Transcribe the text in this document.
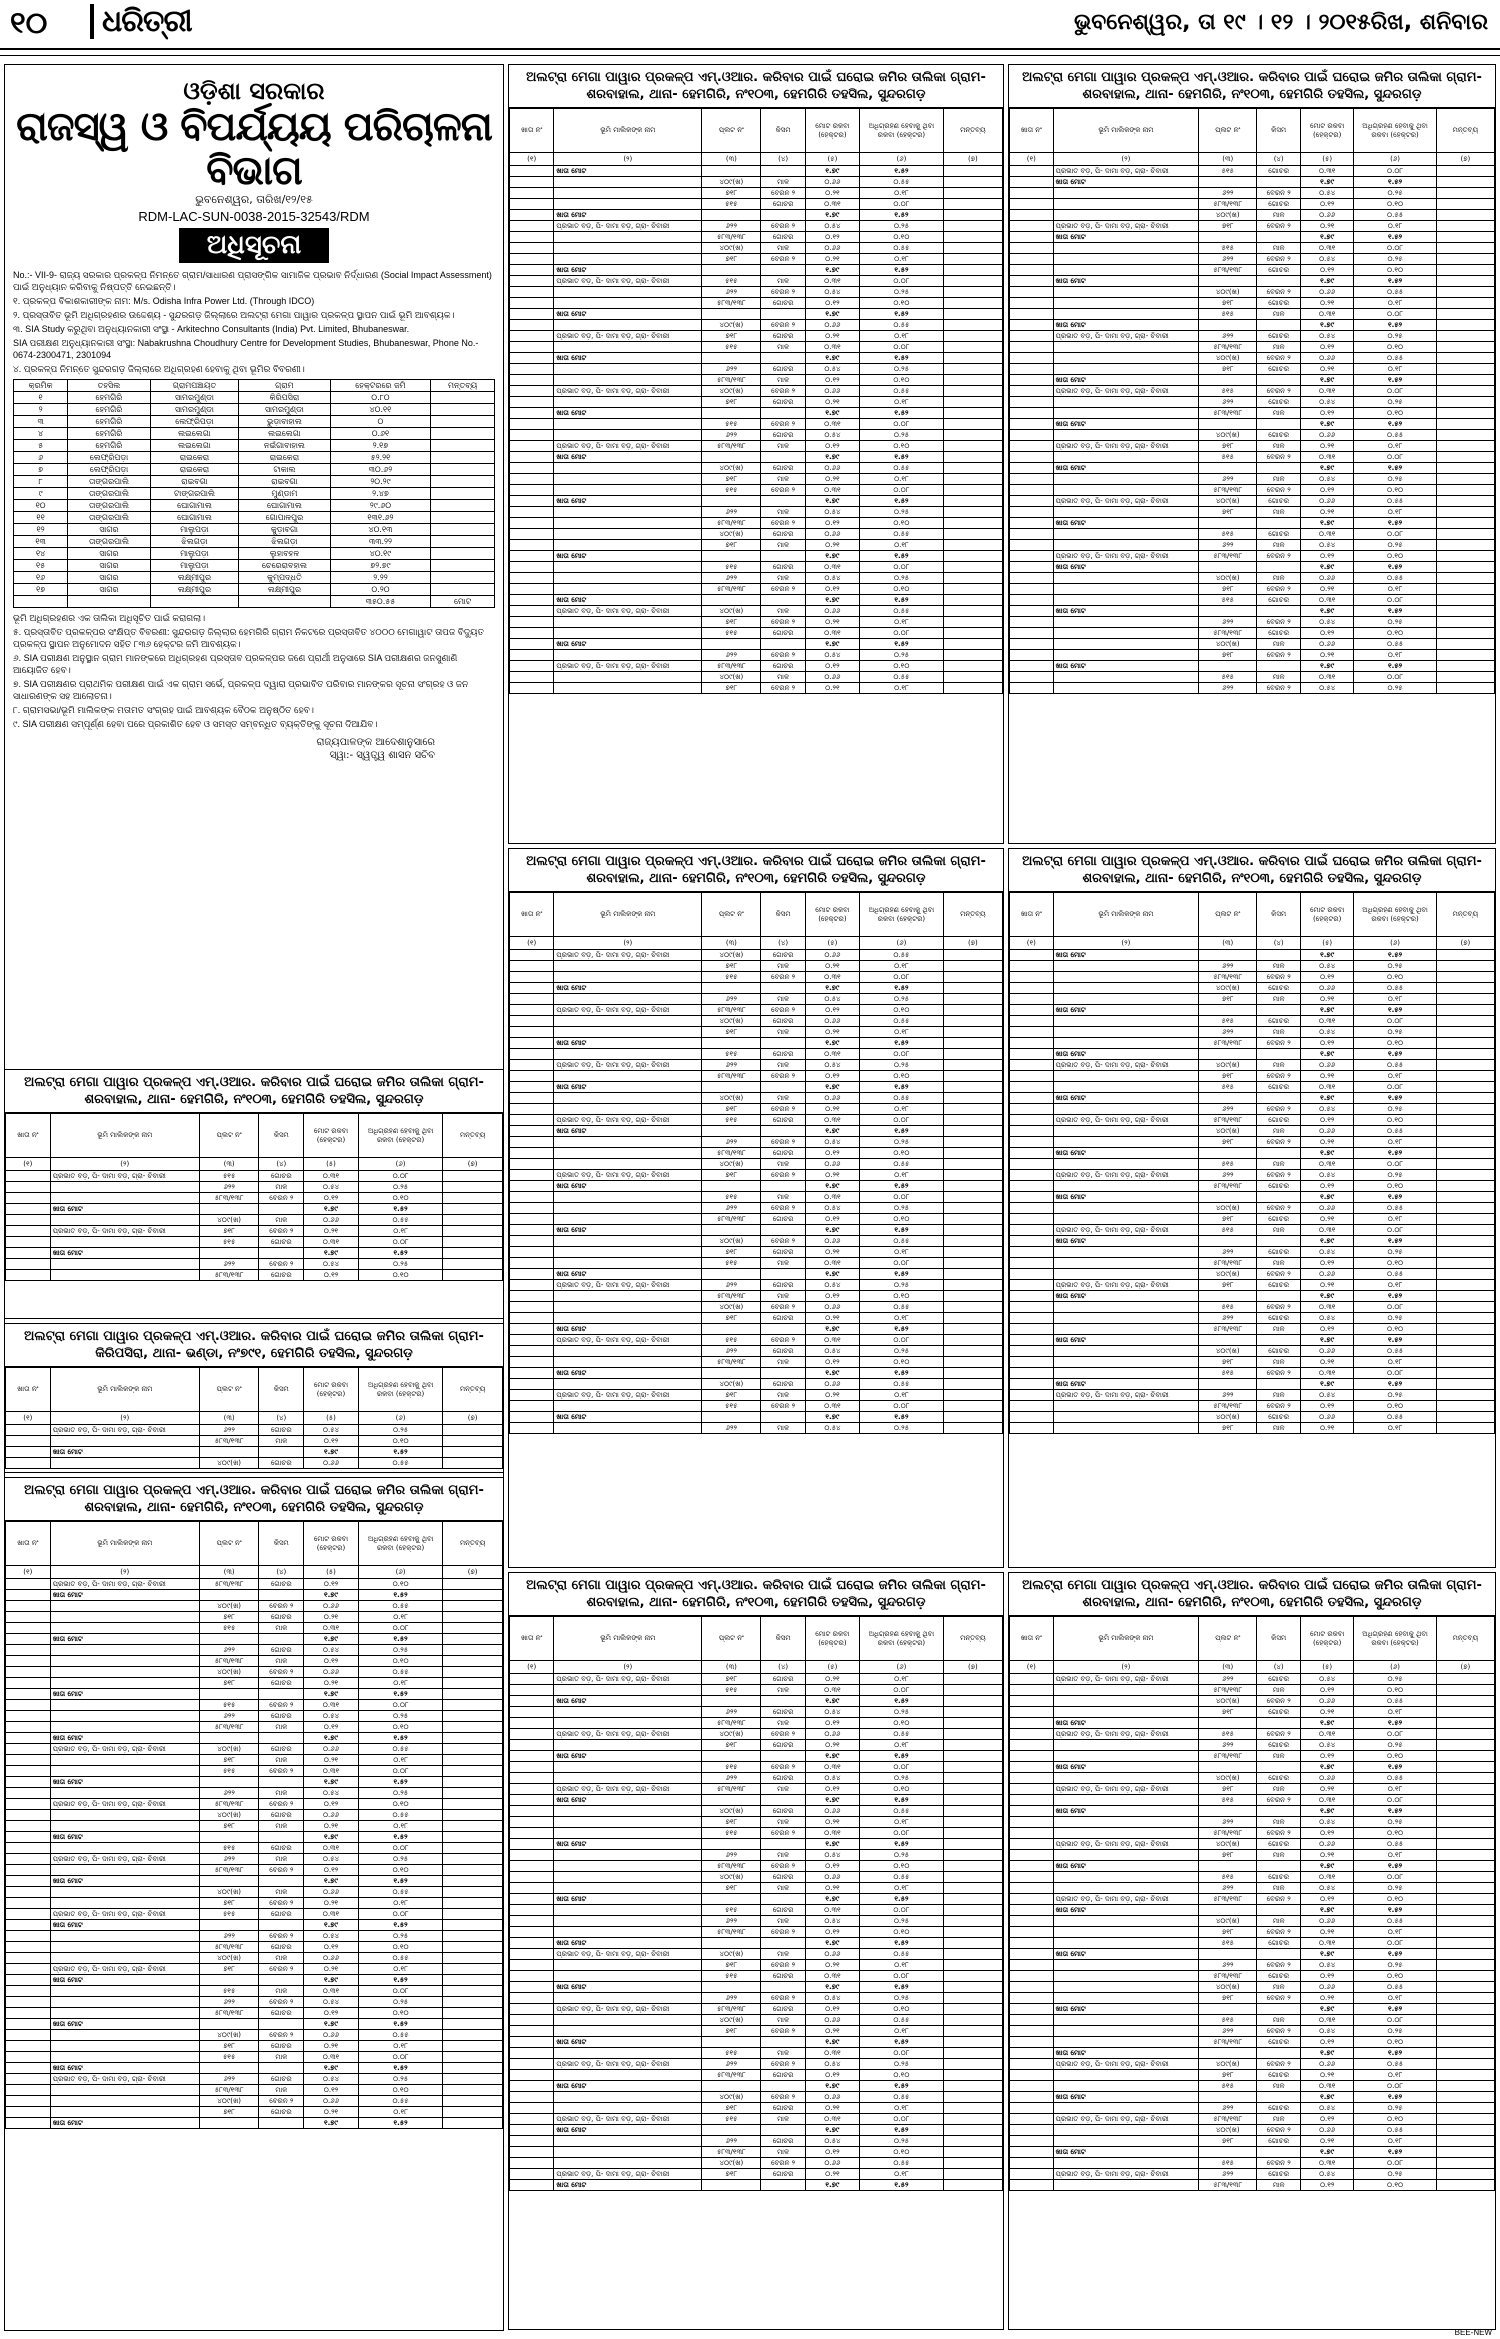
୧୦	ଧରିତ୍ରୀ	ଭୁବନେଶ୍ୱର, ତା ୧୯ । ୧୨ । ୨୦୧୫ରିଖ, ଶନିବାର
ଓଡ଼ିଶା ସରକାର
ରାଜସ୍ୱ ଓ ବିପର୍ଯ୍ୟୟ ପରିଚାଳନା ବିଭାଗ
ଭୁବନେଶ୍ୱର, ତାରିଖ/୧୨/୧୫
RDM-LAC-SUN-0038-2015-32543/RDM
ଅଧିସୂଚନା

No.:- VII-9- ରାଜ୍ୟ ସରକାର ପ୍ରକଳ୍ପ ନିମନ୍ତେ ଗ୍ରାମ/ସାଧାରଣ ପ୍ରାସଙ୍ଗିକ ସାମାଜିକ ପ୍ରଭାବ ନିର୍ଦ୍ଧାରଣ (Social Impact Assessment) ପାଇଁ ଅନୁଧ୍ୟାନ କରିବାକୁ ନିଷ୍ପତ୍ତି ନେଇଛନ୍ତି।

୧. ପ୍ରକଳ୍ପ ବିକାଶକାରୀଙ୍କ ନାମ: M/s. Odisha Infra Power Ltd. (Through IDCO)

୨. ପ୍ରସ୍ତାବିତ ଭୂମି ଅଧିଗ୍ରହଣର ଉଦ୍ଦେଶ୍ୟ - ସୁନ୍ଦରଗଡ଼ ଜିଲ୍ଲାରେ ଅଲଟ୍ରା ମେଗା ପାୱାର ପ୍ରକଳ୍ପ ସ୍ଥାପନ ପାଇଁ ଭୂମି ଆବଶ୍ୟକ।

୩. SIA Study କରୁଥିବା ଅନୁଧ୍ୟାନକାରୀ ସଂସ୍ଥା - Arkitechno Consultants (India) Pvt. Limited, Bhubaneswar.

SIA ପରୀକ୍ଷଣ ଅନୁଧ୍ୟାନକାରୀ ସଂସ୍ଥା: Nabakrushna Choudhury Centre for Development Studies, Bhubaneswar, Phone No.- 0674-2300471, 2301094

୪. ପ୍ରକଳ୍ପ ନିମନ୍ତେ ସୁନ୍ଦରଗଡ଼ ଜିଲ୍ଲାରେ ଅଧିଗ୍ରହଣ ହେବାକୁ ଥିବା ଭୂମିର ବିବରଣୀ।

କ୍ରମିକ	ତହସିଲ	ଗ୍ରାମପଞ୍ଚାୟତ	ଗ୍ରାମ	ହେକ୍ଟରରେ ଜମି	ମନ୍ତବ୍ୟ
୧	ହେମଗିରି	ସାମରମୁଣ୍ଡା	କିରିପସିରା	୦.୮୦	
୨	ହେମଗିରି	ସାମରମୁଣ୍ଡା	ସାମରମୁଣ୍ଡା	୪୦.୧୧	
୩	ହେମଗିରି	ଲେଫ୍ରିପଡ଼ା	ଭୁଡ଼ାବାହାଲ	୦	
୪	ହେମଗିରି	ଲଇଲେଗା	ଲଇଲେଗା	୦.୬୧	
୫	ହେମଗିରି	ଲଇଲେଗା	ନଇଁଗାବାହାଲ	୨.୧୭	
୬	ଲେଫ୍ରିପଡ଼ା	ରାଇକେରା	ରାଇକେରା	୫୨.୨୧	
୭	ଲେଫ୍ରିପଡ଼ା	ରାଇକେରା	ଟାକାଲ	୩୦.୬୨	
୮	ତାଙ୍ଗରପାଲି	ରାଇବଗା	ରାଇବଗା	୨୦.୨୯	
୯	ତାଙ୍ଗରପାଲି	ଟାଙ୍ଗରପାଲି	ମୁଣ୍ଡାମ	୨.୪୭	
୧୦	ତାଙ୍ଗରପାଲି	ଘୋଗାମାଲ	ଘୋଗାମାଲ	୨୯.୬୦	
୧୧	ତାଙ୍ଗରପାଲି	ଘୋଗାମାଲ	ଗୋପାଳପୁର	୧୩୧.୬୨	
୧୨	ସାଗର	ମାଲୁପଡ଼ା	କୁଡ଼ାବଗା	୪୦.୧୩	
୧୩	ତାଙ୍ଗରପାଲି	ଝିଲଗଡ଼ା	ଝିଲଗଡ଼ା	୩୩.୨୨	
୧୪	ସାଗର	ମାଲୁପଡ଼ା	ଲୁହାବହଳ	୪୦.୧୯	
୧୫	ସାଗର	ମାଲୁପଡ଼ା	ଚେରେରାବହାଲ	୭୨.୭୯	
୧୬	ସାଗର	ଲକ୍ଷ୍ମୀପୁର	କୁମ୍ପଦ୍ଧତି	୨.୨୨	
୧୭	ସାଗର	ଲକ୍ଷ୍ମୀପୁର	ଲକ୍ଷ୍ମୀପୁର	୦.୨୦	
				୩୫୦.୫୫	ମୋଟ

ଭୂମି ଅଧିଗ୍ରହଣର ଏକ ତାଲିକା ଅଧିସୂଚିତ ପାଇଁ କରାଗଲା।

୫. ପ୍ରସ୍ତାବିତ ପ୍ରକଳ୍ପର ସଂକ୍ଷିପ୍ତ ବିବରଣୀ: ସୁନ୍ଦରଗଡ଼ ଜିଲ୍ଲାର ହେମଗିରି ଗ୍ରାମ ନିକଟରେ ପ୍ରସ୍ତାବିତ ୪୦୦୦ ମେଗାୱାଟ ତାପଜ ବିଦ୍ୟୁତ ପ୍ରକଳ୍ପ ସ୍ଥାପନ ଅନୁମୋଦନ ସହିତ ୮୩୬ ହେକ୍ଟର ଜମି ଆବଶ୍ୟକ।

୬. SIA ପରୀକ୍ଷଣ ଅନୁସ୍ଥାନ ଗ୍ରାମ ମାନଙ୍କରେ ଅଧିଗ୍ରହଣ ପ୍ରସ୍ତାବ ପ୍ରକଳ୍ପର ଜଣେ ପ୍ରାର୍ଥୀ ଅନୁସାରେ SIA ପରୀକ୍ଷଣର ଜନସୁଣାଣି ଆୟୋଜିତ ହେବ।

୭. SIA ପରୀକ୍ଷଣର ପ୍ରାଥମିକ ପରୀକ୍ଷଣ ପାଇଁ ଏକ ଗ୍ରାମ ସର୍ଭେ, ପ୍ରକଳ୍ପ ଦ୍ୱାରା ପ୍ରଭାବିତ ପରିବାର ମାନଙ୍କର ସୂଚନା ସଂଗ୍ରହ ଓ ଜନ ସାଧାରଣଙ୍କ ସହ ଆଲୋଚନା।

୮. ଗ୍ରାମସଭା/ଭୂମି ମାଲିକଙ୍କ ମତାମତ ସଂଗ୍ରହ ପାଇଁ ଆବଶ୍ୟକ ବୈଠକ ଅନୁଷ୍ଠିତ ହେବ।

୯. SIA ପରୀକ୍ଷଣ ସମ୍ପୂର୍ଣ୍ଣ ହେବା ପରେ ପ୍ରକାଶିତ ହେବ ଓ ସମସ୍ତ ସମ୍ବନ୍ଧିତ ବ୍ୟକ୍ତିଙ୍କୁ ସୂଚନା ଦିଆଯିବ।

ରାଜ୍ୟପାଳଙ୍କ ଆଦେଶାନୁସାରେ
ସ୍ୱା:- ସ୍ୱତ୍ତ୍ୱ ଶାସନ ସଚିବ
ଅଲଟ୍ରା ମେଗା ପାୱାର ପ୍ରକଳ୍ପ ଏମ୍.ଓଆର. କରିବାର ପାଇଁ ଘରୋଇ ଜମିର ତାଲିକା ଗ୍ରାମ- ଶରବାହାଲ, ଥାନା- ହେମଗିରି, ନଂ୧୦୩, ହେମଗିରି ତହସିଲ, ସୁନ୍ଦରଗଡ଼
ଖାତା ନଂ	ଭୂମି ମାଲିକଙ୍କ ନାମ	ପ୍ଲଟ ନଂ	କିସମ	ମୋଟ ରକବା (ହେକ୍ଟର)	ଅଧିଗ୍ରହଣ ହେବାକୁ ଥିବା ରକବା (ହେକ୍ଟର)	ମନ୍ତବ୍ୟ
(୧)	(୨)	(୩)	(୪)	(୫)	(୬)	(୭)
	ପ୍ରଭାତ ବଡ଼, ପି- ଦାମା ବଡ଼, ଗ୍ରା- ଚିବାରୀ	୫୧୫	ଗୋଚର	୦.୩୧	୦.୦୮	
		୬୨୨	ମାଳ	୦.୫୪	୦.୨୫	
		୫୮୩/୧୩୮	ବେରନ ୨	୦.୧୨	୦.୧୦	
	ଖାତା ମୋଟ			୧.୭୯	୧.୫୨	
		୪୦୯(ଖ)	ମାଳ	୦.୬୬	୦.୫୫	
	ପ୍ରଭାତ ବଡ଼, ପି- ଦାମା ବଡ଼, ଗ୍ରା- ଚିବାରୀ	୭୧୮	ବେରନ ୨	୦.୨୧	୦.୧୮	
		୫୧୫	ଗୋଚର	୦.୩୧	୦.୦୮	
	ଖାତା ମୋଟ			୧.୭୯	୧.୫୨	
		୬୨୨	ବେରନ ୨	୦.୫୪	୦.୨୫	
		୫୮୩/୧୩୮	ଗୋଚର	୦.୧୨	୦.୧୦	
ଅଲଟ୍ରା ମେଗା ପାୱାର ପ୍ରକଳ୍ପ ଏମ୍.ଓଆର. କରିବାର ପାଇଁ ଘରୋଇ ଜମିର ତାଲିକା ଗ୍ରାମ- କିରିପସିରା, ଥାନା- ଭଣ୍ଡା, ନଂ୭୯୧, ହେମଗିରି ତହସିଲ, ସୁନ୍ଦରଗଡ଼
ଖାତା ନଂ	ଭୂମି ମାଲିକଙ୍କ ନାମ	ପ୍ଲଟ ନଂ	କିସମ	ମୋଟ ରକବା (ହେକ୍ଟର)	ଅଧିଗ୍ରହଣ ହେବାକୁ ଥିବା ରକବା (ହେକ୍ଟର)	ମନ୍ତବ୍ୟ
(୧)	(୨)	(୩)	(୪)	(୫)	(୬)	(୭)
	ପ୍ରଭାତ ବଡ଼, ପି- ଦାମା ବଡ଼, ଗ୍ରା- ଚିବାରୀ	୬୨୨	ଗୋଚର	୦.୫୪	୦.୨୫	
		୫୮୩/୧୩୮	ମାଳ	୦.୧୨	୦.୧୦	
	ଖାତା ମୋଟ			୧.୭୯	୧.୫୨	
		୪୦୯(ଖ)	ଗୋଚର	୦.୬୬	୦.୫୫	
ଅଲଟ୍ରା ମେଗା ପାୱାର ପ୍ରକଳ୍ପ ଏମ୍.ଓଆର. କରିବାର ପାଇଁ ଘରୋଇ ଜମିର ତାଲିକା ଗ୍ରାମ- ଶରବାହାଲ, ଥାନା- ହେମଗିରି, ନଂ୧୦୩, ହେମଗିରି ତହସିଲ, ସୁନ୍ଦରଗଡ଼
ଖାତା ନଂ	ଭୂମି ମାଲିକଙ୍କ ନାମ	ପ୍ଲଟ ନଂ	କିସମ	ମୋଟ ରକବା (ହେକ୍ଟର)	ଅଧିଗ୍ରହଣ ହେବାକୁ ଥିବା ରକବା (ହେକ୍ଟର)	ମନ୍ତବ୍ୟ
(୧)	(୨)	(୩)	(୪)	(୫)	(୬)	(୭)
	ପ୍ରଭାତ ବଡ଼, ପି- ଦାମା ବଡ଼, ଗ୍ରା- ଚିବାରୀ	୫୮୩/୧୩୮	ଗୋଚର	୦.୧୨	୦.୧୦	
	ଖାତା ମୋଟ			୧.୭୯	୧.୫୨	
		୪୦୯(ଖ)	ବେରନ ୨	୦.୬୬	୦.୫୫	
		୭୧୮	ଗୋଚର	୦.୨୧	୦.୧୮	
		୫୧୫	ମାଳ	୦.୩୧	୦.୦୮	
	ଖାତା ମୋଟ			୧.୭୯	୧.୫୨	
		୬୨୨	ଗୋଚର	୦.୫୪	୦.୨୫	
		୫୮୩/୧୩୮	ମାଳ	୦.୧୨	୦.୧୦	
		୪୦୯(ଖ)	ବେରନ ୨	୦.୬୬	୦.୫୫	
		୭୧୮	ଗୋଚର	୦.୨୧	୦.୧୮	
	ଖାତା ମୋଟ			୧.୭୯	୧.୫୨	
		୫୧୫	ବେରନ ୨	୦.୩୧	୦.୦୮	
		୬୨୨	ଗୋଚର	୦.୫୪	୦.୨୫	
		୫୮୩/୧୩୮	ମାଳ	୦.୧୨	୦.୧୦	
	ଖାତା ମୋଟ			୧.୭୯	୧.୫୨	
	ପ୍ରଭାତ ବଡ଼, ପି- ଦାମା ବଡ଼, ଗ୍ରା- ଚିବାରୀ	୪୦୯(ଖ)	ଗୋଚର	୦.୬୬	୦.୫୫	
		୭୧୮	ମାଳ	୦.୨୧	୦.୧୮	
		୫୧୫	ବେରନ ୨	୦.୩୧	୦.୦୮	
	ଖାତା ମୋଟ			୧.୭୯	୧.୫୨	
		୬୨୨	ମାଳ	୦.୫୪	୦.୨୫	
	ପ୍ରଭାତ ବଡ଼, ପି- ଦାମା ବଡ଼, ଗ୍ରା- ଚିବାରୀ	୫୮୩/୧୩୮	ବେରନ ୨	୦.୧୨	୦.୧୦	
		୪୦୯(ଖ)	ଗୋଚର	୦.୬୬	୦.୫୫	
		୭୧୮	ମାଳ	୦.୨୧	୦.୧୮	
	ଖାତା ମୋଟ			୧.୭୯	୧.୫୨	
		୫୧୫	ଗୋଚର	୦.୩୧	୦.୦୮	
	ପ୍ରଭାତ ବଡ଼, ପି- ଦାମା ବଡ଼, ଗ୍ରା- ଚିବାରୀ	୬୨୨	ମାଳ	୦.୫୪	୦.୨୫	
		୫୮୩/୧୩୮	ବେରନ ୨	୦.୧୨	୦.୧୦	
	ଖାତା ମୋଟ			୧.୭୯	୧.୫୨	
		୪୦୯(ଖ)	ମାଳ	୦.୬୬	୦.୫୫	
		୭୧୮	ବେରନ ୨	୦.୨୧	୦.୧୮	
	ପ୍ରଭାତ ବଡ଼, ପି- ଦାମା ବଡ଼, ଗ୍ରା- ଚିବାରୀ	୫୧୫	ଗୋଚର	୦.୩୧	୦.୦୮	
	ଖାତା ମୋଟ			୧.୭୯	୧.୫୨	
		୬୨୨	ବେରନ ୨	୦.୫୪	୦.୨୫	
		୫୮୩/୧୩୮	ଗୋଚର	୦.୧୨	୦.୧୦	
		୪୦୯(ଖ)	ମାଳ	୦.୬୬	୦.୫୫	
	ପ୍ରଭାତ ବଡ଼, ପି- ଦାମା ବଡ଼, ଗ୍ରା- ଚିବାରୀ	୭୧୮	ବେରନ ୨	୦.୨୧	୦.୧୮	
	ଖାତା ମୋଟ			୧.୭୯	୧.୫୨	
		୫୧୫	ମାଳ	୦.୩୧	୦.୦୮	
		୬୨୨	ବେରନ ୨	୦.୫୪	୦.୨୫	
		୫୮୩/୧୩୮	ଗୋଚର	୦.୧୨	୦.୧୦	
	ଖାତା ମୋଟ			୧.୭୯	୧.୫୨	
		୪୦୯(ଖ)	ବେରନ ୨	୦.୬୬	୦.୫୫	
		୭୧୮	ଗୋଚର	୦.୨୧	୦.୧୮	
		୫୧୫	ମାଳ	୦.୩୧	୦.୦୮	
	ଖାତା ମୋଟ			୧.୭୯	୧.୫୨	
	ପ୍ରଭାତ ବଡ଼, ପି- ଦାମା ବଡ଼, ଗ୍ରା- ଚିବାରୀ	୬୨୨	ଗୋଚର	୦.୫୪	୦.୨୫	
		୫୮୩/୧୩୮	ମାଳ	୦.୧୨	୦.୧୦	
		୪୦୯(ଖ)	ବେରନ ୨	୦.୬୬	୦.୫୫	
		୭୧୮	ଗୋଚର	୦.୨୧	୦.୧୮	
	ଖାତା ମୋଟ			୧.୭୯	୧.୫୨	
ଅଲଟ୍ରା ମେଗା ପାୱାର ପ୍ରକଳ୍ପ ଏମ୍.ଓଆର. କରିବାର ପାଇଁ ଘରୋଇ ଜମିର ତାଲିକା ଗ୍ରାମ- ଶରବାହାଲ, ଥାନା- ହେମଗିରି, ନଂ୧୦୩, ହେମଗିରି ତହସିଲ, ସୁନ୍ଦରଗଡ଼
ଖାତା ନଂ	ଭୂମି ମାଲିକଙ୍କ ନାମ	ପ୍ଲଟ ନଂ	କିସମ	ମୋଟ ରକବା (ହେକ୍ଟର)	ଅଧିଗ୍ରହଣ ହେବାକୁ ଥିବା ରକବା (ହେକ୍ଟର)	ମନ୍ତବ୍ୟ
(୧)	(୨)	(୩)	(୪)	(୫)	(୬)	(୭)
	ଖାତା ମୋଟ			୧.୭୯	୧.୫୨	
		୪୦୯(ଖ)	ମାଳ	୦.୬୬	୦.୫୫	
		୭୧୮	ବେରନ ୨	୦.୨୧	୦.୧୮	
		୫୧୫	ଗୋଚର	୦.୩୧	୦.୦୮	
	ଖାତା ମୋଟ			୧.୭୯	୧.୫୨	
	ପ୍ରଭାତ ବଡ଼, ପି- ଦାମା ବଡ଼, ଗ୍ରା- ଚିବାରୀ	୬୨୨	ବେରନ ୨	୦.୫୪	୦.୨୫	
		୫୮୩/୧୩୮	ଗୋଚର	୦.୧୨	୦.୧୦	
		୪୦୯(ଖ)	ମାଳ	୦.୬୬	୦.୫୫	
		୭୧୮	ବେରନ ୨	୦.୨୧	୦.୧୮	
	ଖାତା ମୋଟ			୧.୭୯	୧.୫୨	
	ପ୍ରଭାତ ବଡ଼, ପି- ଦାମା ବଡ଼, ଗ୍ରା- ଚିବାରୀ	୫୧୫	ମାଳ	୦.୩୧	୦.୦୮	
		୬୨୨	ବେରନ ୨	୦.୫୪	୦.୨୫	
		୫୮୩/୧୩୮	ଗୋଚର	୦.୧୨	୦.୧୦	
	ଖାତା ମୋଟ			୧.୭୯	୧.୫୨	
		୪୦୯(ଖ)	ବେରନ ୨	୦.୬୬	୦.୫୫	
	ପ୍ରଭାତ ବଡ଼, ପି- ଦାମା ବଡ଼, ଗ୍ରା- ଚିବାରୀ	୭୧୮	ଗୋଚର	୦.୨୧	୦.୧୮	
		୫୧୫	ମାଳ	୦.୩୧	୦.୦୮	
	ଖାତା ମୋଟ			୧.୭୯	୧.୫୨	
		୬୨୨	ଗୋଚର	୦.୫୪	୦.୨୫	
		୫୮୩/୧୩୮	ମାଳ	୦.୧୨	୦.୧୦	
	ପ୍ରଭାତ ବଡ଼, ପି- ଦାମା ବଡ଼, ଗ୍ରା- ଚିବାରୀ	୪୦୯(ଖ)	ବେରନ ୨	୦.୬୬	୦.୫୫	
		୭୧୮	ଗୋଚର	୦.୨୧	୦.୧୮	
	ଖାତା ମୋଟ			୧.୭୯	୧.୫୨	
		୫୧୫	ବେରନ ୨	୦.୩୧	୦.୦୮	
		୬୨୨	ଗୋଚର	୦.୫୪	୦.୨୫	
	ପ୍ରଭାତ ବଡ଼, ପି- ଦାମା ବଡ଼, ଗ୍ରା- ଚିବାରୀ	୫୮୩/୧୩୮	ମାଳ	୦.୧୨	୦.୧୦	
	ଖାତା ମୋଟ			୧.୭୯	୧.୫୨	
		୪୦୯(ଖ)	ଗୋଚର	୦.୬୬	୦.୫୫	
		୭୧୮	ମାଳ	୦.୨୧	୦.୧୮	
		୫୧୫	ବେରନ ୨	୦.୩୧	୦.୦୮	
	ଖାତା ମୋଟ			୧.୭୯	୧.୫୨	
		୬୨୨	ମାଳ	୦.୫୪	୦.୨୫	
		୫୮୩/୧୩୮	ବେରନ ୨	୦.୧୨	୦.୧୦	
		୪୦୯(ଖ)	ଗୋଚର	୦.୬୬	୦.୫୫	
		୭୧୮	ମାଳ	୦.୨୧	୦.୧୮	
	ଖାତା ମୋଟ			୧.୭୯	୧.୫୨	
		୫୧୫	ଗୋଚର	୦.୩୧	୦.୦୮	
		୬୨୨	ମାଳ	୦.୫୪	୦.୨୫	
		୫୮୩/୧୩୮	ବେରନ ୨	୦.୧୨	୦.୧୦	
	ଖାତା ମୋଟ			୧.୭୯	୧.୫୨	
	ପ୍ରଭାତ ବଡ଼, ପି- ଦାମା ବଡ଼, ଗ୍ରା- ଚିବାରୀ	୪୦୯(ଖ)	ମାଳ	୦.୬୬	୦.୫୫	
		୭୧୮	ବେରନ ୨	୦.୨୧	୦.୧୮	
		୫୧୫	ଗୋଚର	୦.୩୧	୦.୦୮	
	ଖାତା ମୋଟ			୧.୭୯	୧.୫୨	
		୬୨୨	ବେରନ ୨	୦.୫୪	୦.୨୫	
	ପ୍ରଭାତ ବଡ଼, ପି- ଦାମା ବଡ଼, ଗ୍ରା- ଚିବାରୀ	୫୮୩/୧୩୮	ଗୋଚର	୦.୧୨	୦.୧୦	
		୪୦୯(ଖ)	ମାଳ	୦.୬୬	୦.୫୫	
		୭୧୮	ବେରନ ୨	୦.୨୧	୦.୧୮	
ଅଲଟ୍ରା ମେଗା ପାୱାର ପ୍ରକଳ୍ପ ଏମ୍.ଓଆର. କରିବାର ପାଇଁ ଘରୋଇ ଜମିର ତାଲିକା ଗ୍ରାମ- ଶରବାହାଲ, ଥାନା- ହେମଗିରି, ନଂ୧୦୩, ହେମଗିରି ତହସିଲ, ସୁନ୍ଦରଗଡ଼
ଖାତା ନଂ	ଭୂମି ମାଲିକଙ୍କ ନାମ	ପ୍ଲଟ ନଂ	କିସମ	ମୋଟ ରକବା (ହେକ୍ଟର)	ଅଧିଗ୍ରହଣ ହେବାକୁ ଥିବା ରକବା (ହେକ୍ଟର)	ମନ୍ତବ୍ୟ
(୧)	(୨)	(୩)	(୪)	(୫)	(୬)	(୭)
	ପ୍ରଭାତ ବଡ଼, ପି- ଦାମା ବଡ଼, ଗ୍ରା- ଚିବାରୀ	୪୦୯(ଖ)	ଗୋଚର	୦.୬୬	୦.୫୫	
		୭୧୮	ମାଳ	୦.୨୧	୦.୧୮	
		୫୧୫	ବେରନ ୨	୦.୩୧	୦.୦୮	
	ଖାତା ମୋଟ			୧.୭୯	୧.୫୨	
		୬୨୨	ମାଳ	୦.୫୪	୦.୨୫	
	ପ୍ରଭାତ ବଡ଼, ପି- ଦାମା ବଡ଼, ଗ୍ରା- ଚିବାରୀ	୫୮୩/୧୩୮	ବେରନ ୨	୦.୧୨	୦.୧୦	
		୪୦୯(ଖ)	ଗୋଚର	୦.୬୬	୦.୫୫	
		୭୧୮	ମାଳ	୦.୨୧	୦.୧୮	
	ଖାତା ମୋଟ			୧.୭୯	୧.୫୨	
		୫୧୫	ଗୋଚର	୦.୩୧	୦.୦୮	
	ପ୍ରଭାତ ବଡ଼, ପି- ଦାମା ବଡ଼, ଗ୍ରା- ଚିବାରୀ	୬୨୨	ମାଳ	୦.୫୪	୦.୨୫	
		୫୮୩/୧୩୮	ବେରନ ୨	୦.୧୨	୦.୧୦	
	ଖାତା ମୋଟ			୧.୭୯	୧.୫୨	
		୪୦୯(ଖ)	ମାଳ	୦.୬୬	୦.୫୫	
		୭୧୮	ବେରନ ୨	୦.୨୧	୦.୧୮	
	ପ୍ରଭାତ ବଡ଼, ପି- ଦାମା ବଡ଼, ଗ୍ରା- ଚିବାରୀ	୫୧୫	ଗୋଚର	୦.୩୧	୦.୦୮	
	ଖାତା ମୋଟ			୧.୭୯	୧.୫୨	
		୬୨୨	ବେରନ ୨	୦.୫୪	୦.୨୫	
		୫୮୩/୧୩୮	ଗୋଚର	୦.୧୨	୦.୧୦	
		୪୦୯(ଖ)	ମାଳ	୦.୬୬	୦.୫୫	
	ପ୍ରଭାତ ବଡ଼, ପି- ଦାମା ବଡ଼, ଗ୍ରା- ଚିବାରୀ	୭୧୮	ବେରନ ୨	୦.୨୧	୦.୧୮	
	ଖାତା ମୋଟ			୧.୭୯	୧.୫୨	
		୫୧୫	ମାଳ	୦.୩୧	୦.୦୮	
		୬୨୨	ବେରନ ୨	୦.୫୪	୦.୨୫	
		୫୮୩/୧୩୮	ଗୋଚର	୦.୧୨	୦.୧୦	
	ଖାତା ମୋଟ			୧.୭୯	୧.୫୨	
		୪୦୯(ଖ)	ବେରନ ୨	୦.୬୬	୦.୫୫	
		୭୧୮	ଗୋଚର	୦.୨୧	୦.୧୮	
		୫୧୫	ମାଳ	୦.୩୧	୦.୦୮	
	ଖାତା ମୋଟ			୧.୭୯	୧.୫୨	
	ପ୍ରଭାତ ବଡ଼, ପି- ଦାମା ବଡ଼, ଗ୍ରା- ଚିବାରୀ	୬୨୨	ଗୋଚର	୦.୫୪	୦.୨୫	
		୫୮୩/୧୩୮	ମାଳ	୦.୧୨	୦.୧୦	
		୪୦୯(ଖ)	ବେରନ ୨	୦.୬୬	୦.୫୫	
		୭୧୮	ଗୋଚର	୦.୨୧	୦.୧୮	
	ଖାତା ମୋଟ			୧.୭୯	୧.୫୨	
	ପ୍ରଭାତ ବଡ଼, ପି- ଦାମା ବଡ଼, ଗ୍ରା- ଚିବାରୀ	୫୧୫	ବେରନ ୨	୦.୩୧	୦.୦୮	
		୬୨୨	ଗୋଚର	୦.୫୪	୦.୨୫	
		୫୮୩/୧୩୮	ମାଳ	୦.୧୨	୦.୧୦	
	ଖାତା ମୋଟ			୧.୭୯	୧.୫୨	
		୪୦୯(ଖ)	ଗୋଚର	୦.୬୬	୦.୫୫	
	ପ୍ରଭାତ ବଡ଼, ପି- ଦାମା ବଡ଼, ଗ୍ରା- ଚିବାରୀ	୭୧୮	ମାଳ	୦.୨୧	୦.୧୮	
		୫୧୫	ବେରନ ୨	୦.୩୧	୦.୦୮	
	ଖାତା ମୋଟ			୧.୭୯	୧.୫୨	
		୬୨୨	ମାଳ	୦.୫୪	୦.୨୫	
ଅଲଟ୍ରା ମେଗା ପାୱାର ପ୍ରକଳ୍ପ ଏମ୍.ଓଆର. କରିବାର ପାଇଁ ଘରୋଇ ଜମିର ତାଲିକା ଗ୍ରାମ- ଶରବାହାଲ, ଥାନା- ହେମଗିରି, ନଂ୧୦୩, ହେମଗିରି ତହସିଲ, ସୁନ୍ଦରଗଡ଼
ଖାତା ନଂ	ଭୂମି ମାଲିକଙ୍କ ନାମ	ପ୍ଲଟ ନଂ	କିସମ	ମୋଟ ରକବା (ହେକ୍ଟର)	ଅଧିଗ୍ରହଣ ହେବାକୁ ଥିବା ରକବା (ହେକ୍ଟର)	ମନ୍ତବ୍ୟ
(୧)	(୨)	(୩)	(୪)	(୫)	(୬)	(୭)
	ପ୍ରଭାତ ବଡ଼, ପି- ଦାମା ବଡ଼, ଗ୍ରା- ଚିବାରୀ	୭୧୮	ଗୋଚର	୦.୨୧	୦.୧୮	
		୫୧୫	ମାଳ	୦.୩୧	୦.୦୮	
	ଖାତା ମୋଟ			୧.୭୯	୧.୫୨	
		୬୨୨	ଗୋଚର	୦.୫୪	୦.୨୫	
		୫୮୩/୧୩୮	ମାଳ	୦.୧୨	୦.୧୦	
	ପ୍ରଭାତ ବଡ଼, ପି- ଦାମା ବଡ଼, ଗ୍ରା- ଚିବାରୀ	୪୦୯(ଖ)	ବେରନ ୨	୦.୬୬	୦.୫୫	
		୭୧୮	ଗୋଚର	୦.୨୧	୦.୧୮	
	ଖାତା ମୋଟ			୧.୭୯	୧.୫୨	
		୫୧୫	ବେରନ ୨	୦.୩୧	୦.୦୮	
		୬୨୨	ଗୋଚର	୦.୫୪	୦.୨୫	
	ପ୍ରଭାତ ବଡ଼, ପି- ଦାମା ବଡ଼, ଗ୍ରା- ଚିବାରୀ	୫୮୩/୧୩୮	ମାଳ	୦.୧୨	୦.୧୦	
	ଖାତା ମୋଟ			୧.୭୯	୧.୫୨	
		୪୦୯(ଖ)	ଗୋଚର	୦.୬୬	୦.୫୫	
		୭୧୮	ମାଳ	୦.୨୧	୦.୧୮	
		୫୧୫	ବେରନ ୨	୦.୩୧	୦.୦୮	
	ଖାତା ମୋଟ			୧.୭୯	୧.୫୨	
		୬୨୨	ମାଳ	୦.୫୪	୦.୨୫	
		୫୮୩/୧୩୮	ବେରନ ୨	୦.୧୨	୦.୧୦	
		୪୦୯(ଖ)	ଗୋଚର	୦.୬୬	୦.୫୫	
		୭୧୮	ମାଳ	୦.୨୧	୦.୧୮	
	ଖାତା ମୋଟ			୧.୭୯	୧.୫୨	
		୫୧୫	ଗୋଚର	୦.୩୧	୦.୦୮	
		୬୨୨	ମାଳ	୦.୫୪	୦.୨୫	
		୫୮୩/୧୩୮	ବେରନ ୨	୦.୧୨	୦.୧୦	
	ଖାତା ମୋଟ			୧.୭୯	୧.୫୨	
	ପ୍ରଭାତ ବଡ଼, ପି- ଦାମା ବଡ଼, ଗ୍ରା- ଚିବାରୀ	୪୦୯(ଖ)	ମାଳ	୦.୬୬	୦.୫୫	
		୭୧୮	ବେରନ ୨	୦.୨୧	୦.୧୮	
		୫୧୫	ଗୋଚର	୦.୩୧	୦.୦୮	
	ଖାତା ମୋଟ			୧.୭୯	୧.୫୨	
		୬୨୨	ବେରନ ୨	୦.୫୪	୦.୨୫	
	ପ୍ରଭାତ ବଡ଼, ପି- ଦାମା ବଡ଼, ଗ୍ରା- ଚିବାରୀ	୫୮୩/୧୩୮	ଗୋଚର	୦.୧୨	୦.୧୦	
		୪୦୯(ଖ)	ମାଳ	୦.୬୬	୦.୫୫	
		୭୧୮	ବେରନ ୨	୦.୨୧	୦.୧୮	
	ଖାତା ମୋଟ			୧.୭୯	୧.୫୨	
		୫୧୫	ମାଳ	୦.୩୧	୦.୦୮	
	ପ୍ରଭାତ ବଡ଼, ପି- ଦାମା ବଡ଼, ଗ୍ରା- ଚିବାରୀ	୬୨୨	ବେରନ ୨	୦.୫୪	୦.୨୫	
		୫୮୩/୧୩୮	ଗୋଚର	୦.୧୨	୦.୧୦	
	ଖାତା ମୋଟ			୧.୭୯	୧.୫୨	
		୪୦୯(ଖ)	ବେରନ ୨	୦.୬୬	୦.୫୫	
		୭୧୮	ଗୋଚର	୦.୨୧	୦.୧୮	
	ପ୍ରଭାତ ବଡ଼, ପି- ଦାମା ବଡ଼, ଗ୍ରା- ଚିବାରୀ	୫୧୫	ମାଳ	୦.୩୧	୦.୦୮	
	ଖାତା ମୋଟ			୧.୭୯	୧.୫୨	
		୬୨୨	ଗୋଚର	୦.୫୪	୦.୨୫	
		୫୮୩/୧୩୮	ମାଳ	୦.୧୨	୦.୧୦	
		୪୦୯(ଖ)	ବେରନ ୨	୦.୬୬	୦.୫୫	
	ପ୍ରଭାତ ବଡ଼, ପି- ଦାମା ବଡ଼, ଗ୍ରା- ଚିବାରୀ	୭୧୮	ଗୋଚର	୦.୨୧	୦.୧୮	
	ଖାତା ମୋଟ			୧.୭୯	୧.୫୨	
ଅଲଟ୍ରା ମେଗା ପାୱାର ପ୍ରକଳ୍ପ ଏମ୍.ଓଆର. କରିବାର ପାଇଁ ଘରୋଇ ଜମିର ତାଲିକା ଗ୍ରାମ- ଶରବାହାଲ, ଥାନା- ହେମଗିରି, ନଂ୧୦୩, ହେମଗିରି ତହସିଲ, ସୁନ୍ଦରଗଡ଼
ଖାତା ନଂ	ଭୂମି ମାଲିକଙ୍କ ନାମ	ପ୍ଲଟ ନଂ	କିସମ	ମୋଟ ରକବା (ହେକ୍ଟର)	ଅଧିଗ୍ରହଣ ହେବାକୁ ଥିବା ରକବା (ହେକ୍ଟର)	ମନ୍ତବ୍ୟ
(୧)	(୨)	(୩)	(୪)	(୫)	(୬)	(୭)
	ପ୍ରଭାତ ବଡ଼, ପି- ଦାମା ବଡ଼, ଗ୍ରା- ଚିବାରୀ	୫୧୫	ଗୋଚର	୦.୩୧	୦.୦୮	
	ଖାତା ମୋଟ			୧.୭୯	୧.୫୨	
		୬୨୨	ବେରନ ୨	୦.୫୪	୦.୨୫	
		୫୮୩/୧୩୮	ଗୋଚର	୦.୧୨	୦.୧୦	
		୪୦୯(ଖ)	ମାଳ	୦.୬୬	୦.୫୫	
	ପ୍ରଭାତ ବଡ଼, ପି- ଦାମା ବଡ଼, ଗ୍ରା- ଚିବାରୀ	୭୧୮	ବେରନ ୨	୦.୨୧	୦.୧୮	
	ଖାତା ମୋଟ			୧.୭୯	୧.୫୨	
		୫୧୫	ମାଳ	୦.୩୧	୦.୦୮	
		୬୨୨	ବେରନ ୨	୦.୫୪	୦.୨୫	
		୫୮୩/୧୩୮	ଗୋଚର	୦.୧୨	୦.୧୦	
	ଖାତା ମୋଟ			୧.୭୯	୧.୫୨	
		୪୦୯(ଖ)	ବେରନ ୨	୦.୬୬	୦.୫୫	
		୭୧୮	ଗୋଚର	୦.୨୧	୦.୧୮	
		୫୧୫	ମାଳ	୦.୩୧	୦.୦୮	
	ଖାତା ମୋଟ			୧.୭୯	୧.୫୨	
	ପ୍ରଭାତ ବଡ଼, ପି- ଦାମା ବଡ଼, ଗ୍ରା- ଚିବାରୀ	୬୨୨	ଗୋଚର	୦.୫୪	୦.୨୫	
		୫୮୩/୧୩୮	ମାଳ	୦.୧୨	୦.୧୦	
		୪୦୯(ଖ)	ବେରନ ୨	୦.୬୬	୦.୫୫	
		୭୧୮	ଗୋଚର	୦.୨୧	୦.୧୮	
	ଖାତା ମୋଟ			୧.୭୯	୧.୫୨	
	ପ୍ରଭାତ ବଡ଼, ପି- ଦାମା ବଡ଼, ଗ୍ରା- ଚିବାରୀ	୫୧୫	ବେରନ ୨	୦.୩୧	୦.୦୮	
		୬୨୨	ଗୋଚର	୦.୫୪	୦.୨୫	
		୫୮୩/୧୩୮	ମାଳ	୦.୧୨	୦.୧୦	
	ଖାତା ମୋଟ			୧.୭୯	୧.୫୨	
		୪୦୯(ଖ)	ଗୋଚର	୦.୬୬	୦.୫୫	
	ପ୍ରଭାତ ବଡ଼, ପି- ଦାମା ବଡ଼, ଗ୍ରା- ଚିବାରୀ	୭୧୮	ମାଳ	୦.୨୧	୦.୧୮	
		୫୧୫	ବେରନ ୨	୦.୩୧	୦.୦୮	
	ଖାତା ମୋଟ			୧.୭୯	୧.୫୨	
		୬୨୨	ମାଳ	୦.୫୪	୦.୨୫	
		୫୮୩/୧୩୮	ବେରନ ୨	୦.୧୨	୦.୧୦	
	ପ୍ରଭାତ ବଡ଼, ପି- ଦାମା ବଡ଼, ଗ୍ରା- ଚିବାରୀ	୪୦୯(ଖ)	ଗୋଚର	୦.୬୬	୦.୫୫	
		୭୧୮	ମାଳ	୦.୨୧	୦.୧୮	
	ଖାତା ମୋଟ			୧.୭୯	୧.୫୨	
		୫୧୫	ଗୋଚର	୦.୩୧	୦.୦୮	
		୬୨୨	ମାଳ	୦.୫୪	୦.୨୫	
	ପ୍ରଭାତ ବଡ଼, ପି- ଦାମା ବଡ଼, ଗ୍ରା- ଚିବାରୀ	୫୮୩/୧୩୮	ବେରନ ୨	୦.୧୨	୦.୧୦	
	ଖାତା ମୋଟ			୧.୭୯	୧.୫୨	
		୪୦୯(ଖ)	ମାଳ	୦.୬୬	୦.୫୫	
		୭୧୮	ବେରନ ୨	୦.୨୧	୦.୧୮	
		୫୧୫	ଗୋଚର	୦.୩୧	୦.୦୮	
	ଖାତା ମୋଟ			୧.୭୯	୧.୫୨	
		୬୨୨	ବେରନ ୨	୦.୫୪	୦.୨୫	
		୫୮୩/୧୩୮	ଗୋଚର	୦.୧୨	୦.୧୦	
		୪୦୯(ଖ)	ମାଳ	୦.୬୬	୦.୫୫	
		୭୧୮	ବେରନ ୨	୦.୨୧	୦.୧୮	
	ଖାତା ମୋଟ			୧.୭୯	୧.୫୨	
		୫୧୫	ମାଳ	୦.୩୧	୦.୦୮	
		୬୨୨	ବେରନ ୨	୦.୫୪	୦.୨୫	
ଅଲଟ୍ରା ମେଗା ପାୱାର ପ୍ରକଳ୍ପ ଏମ୍.ଓଆର. କରିବାର ପାଇଁ ଘରୋଇ ଜମିର ତାଲିକା ଗ୍ରାମ- ଶରବାହାଲ, ଥାନା- ହେମଗିରି, ନଂ୧୦୩, ହେମଗିରି ତହସିଲ, ସୁନ୍ଦରଗଡ଼
ଖାତା ନଂ	ଭୂମି ମାଲିକଙ୍କ ନାମ	ପ୍ଲଟ ନଂ	କିସମ	ମୋଟ ରକବା (ହେକ୍ଟର)	ଅଧିଗ୍ରହଣ ହେବାକୁ ଥିବା ରକବା (ହେକ୍ଟର)	ମନ୍ତବ୍ୟ
(୧)	(୨)	(୩)	(୪)	(୫)	(୬)	(୭)
	ଖାତା ମୋଟ			୧.୭୯	୧.୫୨	
		୬୨୨	ମାଳ	୦.୫୪	୦.୨୫	
		୫୮୩/୧୩୮	ବେରନ ୨	୦.୧୨	୦.୧୦	
		୪୦୯(ଖ)	ଗୋଚର	୦.୬୬	୦.୫୫	
		୭୧୮	ମାଳ	୦.୨୧	୦.୧୮	
	ଖାତା ମୋଟ			୧.୭୯	୧.୫୨	
		୫୧୫	ଗୋଚର	୦.୩୧	୦.୦୮	
		୬୨୨	ମାଳ	୦.୫୪	୦.୨୫	
		୫୮୩/୧୩୮	ବେରନ ୨	୦.୧୨	୦.୧୦	
	ଖାତା ମୋଟ			୧.୭୯	୧.୫୨	
	ପ୍ରଭାତ ବଡ଼, ପି- ଦାମା ବଡ଼, ଗ୍ରା- ଚିବାରୀ	୪୦୯(ଖ)	ମାଳ	୦.୬୬	୦.୫୫	
		୭୧୮	ବେରନ ୨	୦.୨୧	୦.୧୮	
		୫୧୫	ଗୋଚର	୦.୩୧	୦.୦୮	
	ଖାତା ମୋଟ			୧.୭୯	୧.୫୨	
		୬୨୨	ବେରନ ୨	୦.୫୪	୦.୨୫	
	ପ୍ରଭାତ ବଡ଼, ପି- ଦାମା ବଡ଼, ଗ୍ରା- ଚିବାରୀ	୫୮୩/୧୩୮	ଗୋଚର	୦.୧୨	୦.୧୦	
		୪୦୯(ଖ)	ମାଳ	୦.୬୬	୦.୫୫	
		୭୧୮	ବେରନ ୨	୦.୨୧	୦.୧୮	
	ଖାତା ମୋଟ			୧.୭୯	୧.୫୨	
		୫୧୫	ମାଳ	୦.୩୧	୦.୦୮	
	ପ୍ରଭାତ ବଡ଼, ପି- ଦାମା ବଡ଼, ଗ୍ରା- ଚିବାରୀ	୬୨୨	ବେରନ ୨	୦.୫୪	୦.୨୫	
		୫୮୩/୧୩୮	ଗୋଚର	୦.୧୨	୦.୧୦	
	ଖାତା ମୋଟ			୧.୭୯	୧.୫୨	
		୪୦୯(ଖ)	ବେରନ ୨	୦.୬୬	୦.୫୫	
		୭୧୮	ଗୋଚର	୦.୨୧	୦.୧୮	
	ପ୍ରଭାତ ବଡ଼, ପି- ଦାମା ବଡ଼, ଗ୍ରା- ଚିବାରୀ	୫୧୫	ମାଳ	୦.୩୧	୦.୦୮	
	ଖାତା ମୋଟ			୧.୭୯	୧.୫୨	
		୬୨୨	ଗୋଚର	୦.୫୪	୦.୨୫	
		୫୮୩/୧୩୮	ମାଳ	୦.୧୨	୦.୧୦	
		୪୦୯(ଖ)	ବେରନ ୨	୦.୬୬	୦.୫୫	
	ପ୍ରଭାତ ବଡ଼, ପି- ଦାମା ବଡ଼, ଗ୍ରା- ଚିବାରୀ	୭୧୮	ଗୋଚର	୦.୨୧	୦.୧୮	
	ଖାତା ମୋଟ			୧.୭୯	୧.୫୨	
		୫୧୫	ବେରନ ୨	୦.୩୧	୦.୦୮	
		୬୨୨	ଗୋଚର	୦.୫୪	୦.୨୫	
		୫୮୩/୧୩୮	ମାଳ	୦.୧୨	୦.୧୦	
	ଖାତା ମୋଟ			୧.୭୯	୧.୫୨	
		୪୦୯(ଖ)	ଗୋଚର	୦.୬୬	୦.୫୫	
		୭୧୮	ମାଳ	୦.୨୧	୦.୧୮	
		୫୧୫	ବେରନ ୨	୦.୩୧	୦.୦୮	
	ଖାତା ମୋଟ			୧.୭୯	୧.୫୨	
	ପ୍ରଭାତ ବଡ଼, ପି- ଦାମା ବଡ଼, ଗ୍ରା- ଚିବାରୀ	୬୨୨	ମାଳ	୦.୫୪	୦.୨୫	
		୫୮୩/୧୩୮	ବେରନ ୨	୦.୧୨	୦.୧୦	
		୪୦୯(ଖ)	ଗୋଚର	୦.୬୬	୦.୫୫	
		୭୧୮	ମାଳ	୦.୨୧	୦.୧୮	
ଅଲଟ୍ରା ମେଗା ପାୱାର ପ୍ରକଳ୍ପ ଏମ୍.ଓଆର. କରିବାର ପାଇଁ ଘରୋଇ ଜମିର ତାଲିକା ଗ୍ରାମ- ଶରବାହାଲ, ଥାନା- ହେମଗିରି, ନଂ୧୦୩, ହେମଗିରି ତହସିଲ, ସୁନ୍ଦରଗଡ଼
ଖାତା ନଂ	ଭୂମି ମାଲିକଙ୍କ ନାମ	ପ୍ଲଟ ନଂ	କିସମ	ମୋଟ ରକବା (ହେକ୍ଟର)	ଅଧିଗ୍ରହଣ ହେବାକୁ ଥିବା ରକବା (ହେକ୍ଟର)	ମନ୍ତବ୍ୟ
(୧)	(୨)	(୩)	(୪)	(୫)	(୬)	(୭)
	ପ୍ରଭାତ ବଡ଼, ପି- ଦାମା ବଡ଼, ଗ୍ରା- ଚିବାରୀ	୬୨୨	ଗୋଚର	୦.୫୪	୦.୨୫	
		୫୮୩/୧୩୮	ମାଳ	୦.୧୨	୦.୧୦	
		୪୦୯(ଖ)	ବେରନ ୨	୦.୬୬	୦.୫୫	
		୭୧୮	ଗୋଚର	୦.୨୧	୦.୧୮	
	ଖାତା ମୋଟ			୧.୭୯	୧.୫୨	
	ପ୍ରଭାତ ବଡ଼, ପି- ଦାମା ବଡ଼, ଗ୍ରା- ଚିବାରୀ	୫୧୫	ବେରନ ୨	୦.୩୧	୦.୦୮	
		୬୨୨	ଗୋଚର	୦.୫୪	୦.୨୫	
		୫୮୩/୧୩୮	ମାଳ	୦.୧୨	୦.୧୦	
	ଖାତା ମୋଟ			୧.୭୯	୧.୫୨	
		୪୦୯(ଖ)	ଗୋଚର	୦.୬୬	୦.୫୫	
	ପ୍ରଭାତ ବଡ଼, ପି- ଦାମା ବଡ଼, ଗ୍ରା- ଚିବାରୀ	୭୧୮	ମାଳ	୦.୨୧	୦.୧୮	
		୫୧୫	ବେରନ ୨	୦.୩୧	୦.୦୮	
	ଖାତା ମୋଟ			୧.୭୯	୧.୫୨	
		୬୨୨	ମାଳ	୦.୫୪	୦.୨୫	
		୫୮୩/୧୩୮	ବେରନ ୨	୦.୧୨	୦.୧୦	
	ପ୍ରଭାତ ବଡ଼, ପି- ଦାମା ବଡ଼, ଗ୍ରା- ଚିବାରୀ	୪୦୯(ଖ)	ଗୋଚର	୦.୬୬	୦.୫୫	
		୭୧୮	ମାଳ	୦.୨୧	୦.୧୮	
	ଖାତା ମୋଟ			୧.୭୯	୧.୫୨	
		୫୧୫	ଗୋଚର	୦.୩୧	୦.୦୮	
		୬୨୨	ମାଳ	୦.୫୪	୦.୨୫	
	ପ୍ରଭାତ ବଡ଼, ପି- ଦାମା ବଡ଼, ଗ୍ରା- ଚିବାରୀ	୫୮୩/୧୩୮	ବେରନ ୨	୦.୧୨	୦.୧୦	
	ଖାତା ମୋଟ			୧.୭୯	୧.୫୨	
		୪୦୯(ଖ)	ମାଳ	୦.୬୬	୦.୫୫	
		୭୧୮	ବେରନ ୨	୦.୨୧	୦.୧୮	
		୫୧୫	ଗୋଚର	୦.୩୧	୦.୦୮	
	ଖାତା ମୋଟ			୧.୭୯	୧.୫୨	
		୬୨୨	ବେରନ ୨	୦.୫୪	୦.୨୫	
		୫୮୩/୧୩୮	ଗୋଚର	୦.୧୨	୦.୧୦	
		୪୦୯(ଖ)	ମାଳ	୦.୬୬	୦.୫୫	
		୭୧୮	ବେରନ ୨	୦.୨୧	୦.୧୮	
	ଖାତା ମୋଟ			୧.୭୯	୧.୫୨	
		୫୧୫	ମାଳ	୦.୩୧	୦.୦୮	
		୬୨୨	ବେରନ ୨	୦.୫୪	୦.୨୫	
		୫୮୩/୧୩୮	ଗୋଚର	୦.୧୨	୦.୧୦	
	ଖାତା ମୋଟ			୧.୭୯	୧.୫୨	
	ପ୍ରଭାତ ବଡ଼, ପି- ଦାମା ବଡ଼, ଗ୍ରା- ଚିବାରୀ	୪୦୯(ଖ)	ବେରନ ୨	୦.୬୬	୦.୫୫	
		୭୧୮	ଗୋଚର	୦.୨୧	୦.୧୮	
		୫୧୫	ମାଳ	୦.୩୧	୦.୦୮	
	ଖାତା ମୋଟ			୧.୭୯	୧.୫୨	
		୬୨୨	ଗୋଚର	୦.୫୪	୦.୨୫	
	ପ୍ରଭାତ ବଡ଼, ପି- ଦାମା ବଡ଼, ଗ୍ରା- ଚିବାରୀ	୫୮୩/୧୩୮	ମାଳ	୦.୧୨	୦.୧୦	
		୪୦୯(ଖ)	ବେରନ ୨	୦.୬୬	୦.୫୫	
		୭୧୮	ଗୋଚର	୦.୨୧	୦.୧୮	
	ଖାତା ମୋଟ			୧.୭୯	୧.୫୨	
		୫୧୫	ବେରନ ୨	୦.୩୧	୦.୦୮	
	ପ୍ରଭାତ ବଡ଼, ପି- ଦାମା ବଡ଼, ଗ୍ରା- ଚିବାରୀ	୬୨୨	ଗୋଚର	୦.୫୪	୦.୨୫	
		୫୮୩/୧୩୮	ମାଳ	୦.୧୨	୦.୧୦	
BEE-NEW
